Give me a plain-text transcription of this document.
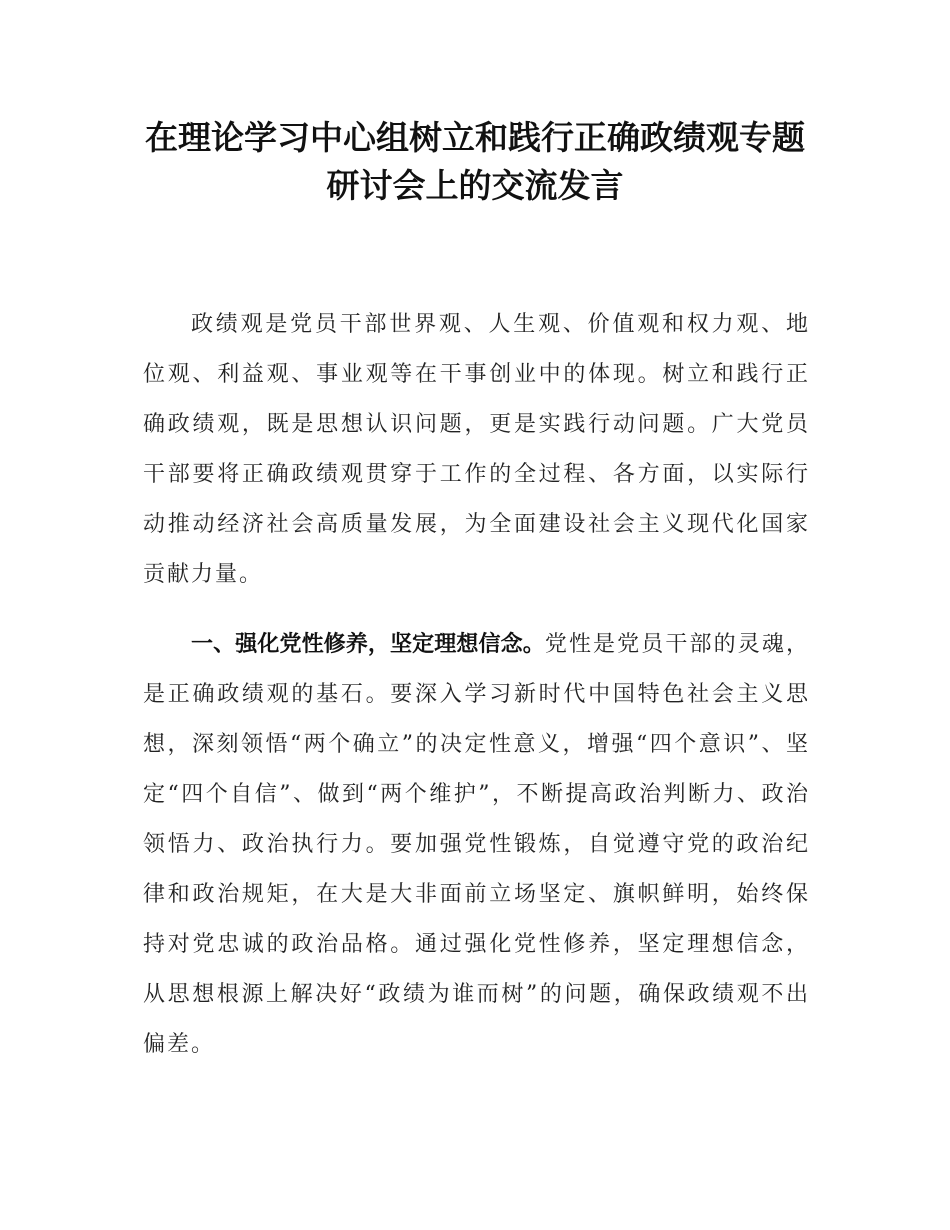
在理论学习中心组树立和践行正确政绩观专题研讨会上的交流发言

政绩观是党员干部世界观、人生观、价值观和权力观、地位观、利益观、事业观等在干事创业中的体现。树立和践行正确政绩观，既是思想认识问题，更是实践行动问题。广大党员干部要将正确政绩观贯穿于工作的全过程、各方面，以实际行动推动经济社会高质量发展，为全面建设社会主义现代化国家贡献力量。

一、强化党性修养，坚定理想信念。党性是党员干部的灵魂，是正确政绩观的基石。要深入学习新时代中国特色社会主义思想，深刻领悟“两个确立”的决定性意义，增强“四个意识”、坚定“四个自信”、做到“两个维护”，不断提高政治判断力、政治领悟力、政治执行力。要加强党性锻炼，自觉遵守党的政治纪律和政治规矩，在大是大非面前立场坚定、旗帜鲜明，始终保持对党忠诚的政治品格。通过强化党性修养，坚定理想信念，从思想根源上解决好“政绩为谁而树”的问题，确保政绩观不出偏差。
